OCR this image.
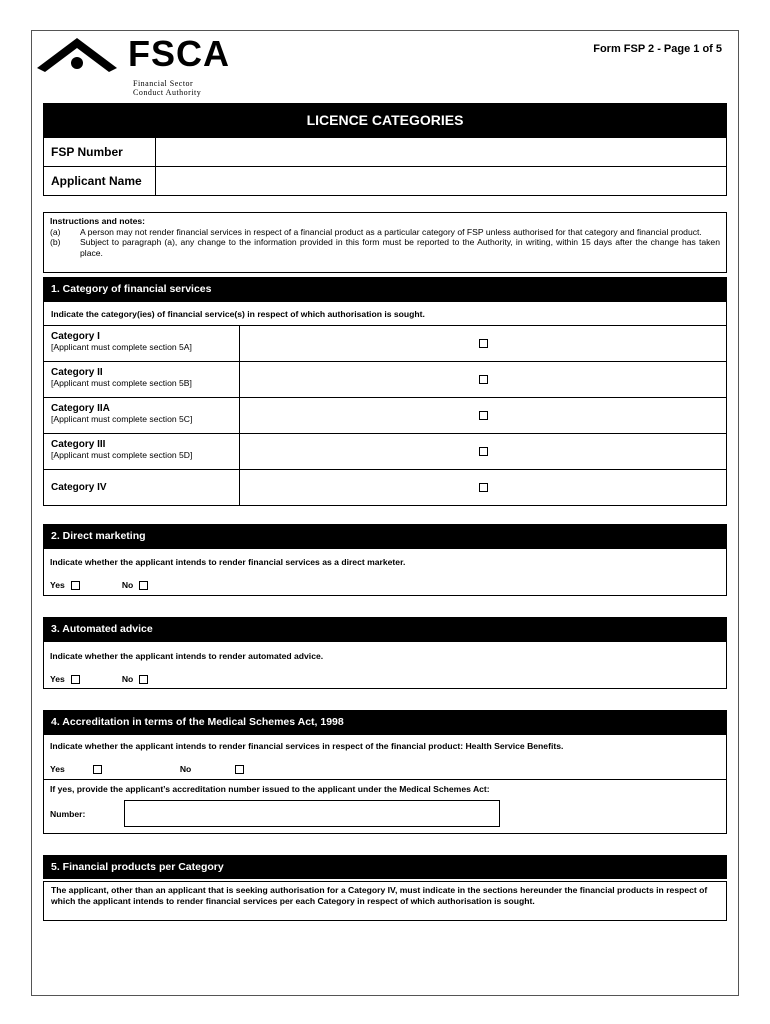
FSCA
Financial Sector
Conduct Authority
Form FSP 2 - Page 1 of 5
LICENCE CATEGORIES
FSP Number
Applicant Name
Instructions and notes:
(a)	A person may not render financial services in respect of a financial product as a particular category of FSP unless authorised for that category and financial product.
(b)	Subject to paragraph (a), any change to the information provided in this form must be reported to the Authority, in writing, within 15 days after the change has taken place.
1. Category of financial services
Indicate the category(ies) of financial service(s) in respect of which authorisation is sought.
Category I
[Applicant must complete section 5A]
Category II
[Applicant must complete section 5B]
Category IIA
[Applicant must complete section 5C]
Category III
[Applicant must complete section 5D]
Category IV
2. Direct marketing
Indicate whether the applicant intends to render financial services as a direct marketer.
Yes	No
3. Automated advice
Indicate whether the applicant intends to render automated advice.
Yes	No
4. Accreditation in terms of the Medical Schemes Act, 1998
Indicate whether the applicant intends to render financial services in respect of the financial product: Health Service Benefits.
Yes	No
If yes, provide the applicant’s accreditation number issued to the applicant under the Medical Schemes Act:
Number:
5. Financial products per Category
The applicant, other than an applicant that is seeking authorisation for a Category IV, must indicate in the sections hereunder the financial products in respect of which the applicant intends to render financial services per each Category in respect of which authorisation is sought.
